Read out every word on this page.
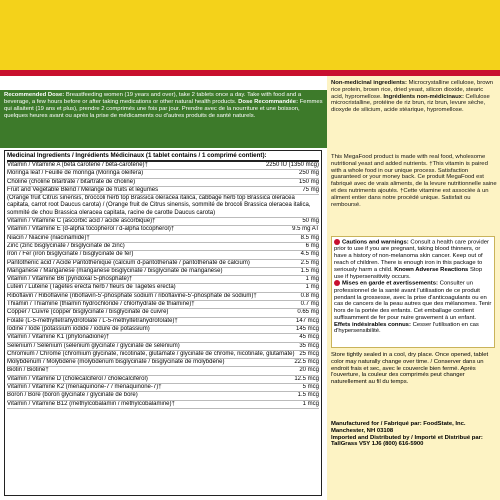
Recommended Dose: Breastfeeding women (19 years and over), take 2 tablets once a day. Take with food and a beverage, a few hours before or after taking medications or other natural health products. Dose Recommandée: Femmes qui allaitent (19 ans et plus), prendre 2 comprimés une fois par jour. Prendre avec de la nourriture et une boisson, quelques heures avant ou après la prise de médicaments ou d'autres produits de santé naturels.
Medicinal Ingredients / Ingrédients Médicinaux (1 tablet contains / 1 comprimé contient):
Vitamin / Vitamine A (beta carotene / bêta-carotène)†	2250 IU (1350 mcg)
Moringa leaf / Feuille de moringa (Moringa oleifera)	250 mg
Choline (choline bitartrate / bitartrate de choline)	150 mg
Fruit and Vegetable Blend / Mélange de fruits et légumes	75 mg
(Orange fruit Citrus sinensis, broccoli herb top Brassica oleracea italica, cabbage herb top Brassica oleracea capitata, carrot root Daucus carota) / (Orange fruit de Citrus sinensis, sommité de brocoli Brassica oleracea italica, sommité de chou Brassica oleracea capitata, racine de carotte Daucus carota)
Vitamin / Vitamine C (ascorbic acid / acide ascorbique)†	50 mg
Vitamin / Vitamine E (d-alpha tocopherol / d-alpha tocophérol)†	9.5 mg AT
Niacin / Niacine (niacinamide)†	8.5 mg
Zinc (zinc bisglycinate / bisglycinate de zinc)	6 mg
Iron / Fer (iron bisglycinate / bisglycinate de fer)	4.5 mg
Pantothenic acid / Acide Pantothénique (calcium d-pantothenate / pantothénate de calcium)	2.5 mg
Manganese / Manganèse (manganese bisglycinate / bisglycinate de manganèse)	1.5 mg
Vitamin / Vitamine B6 (pyridoxal 5-phosphate)†	1 mg
Lutein / Lutéine (Tagetes erecta herb / fleurs de Tagetes erecta)	1 mg
Riboflavin / Riboflavine (riboflavin-5'-phosphate sodium / riboflavine-5'-phosphate de sodium)†	0.8 mg
Thiamin / Thiamine (thiamin hydrochloride / chlorhydrate de thiamine)†	0.7 mg
Copper / Cuivre (copper bisglycinate / bisglycinate de cuivre)	0.65 mg
Folate (L-5-methyltetrahydrofolate / L-5-méthyltétrahydrofolate)†	147 mcg
Iodine / Iode (potassium iodide / iodure de potassium)	145 mcg
Vitamin / Vitamine K1 (phytonadione)†	45 mcg
Selenium / Sélénium (selenium glycinate / glycinate de sélénium)	35 mcg
Chromium / Chrome (chromium glycinate, nicotinate, glutamate / glycinate de chrome, nicotinate, glutamate) 25 mcg
Molybdenum / Molybdène (molybdenum bisglycinate / bisglycinate de molybdène)	22.5 mcg
Biotin / Biotine†	20 mcg
Vitamin / Vitamine D (cholecalciferol / cholécalciférol)	12.5 mcg
Vitamin / Vitamine K2 (menaquinone-7 / ménaquinone-7)†	5 mcg
Boron / Bore (boron glycinate / glycinate de bore)	1.5 mcg
Vitamin / Vitamine B12 (methylcobalamin / méthylcobalamine)†	1 mcg
Non-medicinal ingredients: Microcrystalline cellulose, brown rice protein, brown rice, dried yeast, silicon dioxide, stearic acid, hypromellose. Ingrédients non-médicinaux: Cellulose microcristalline, protéine de riz brun, riz brun, levure sèche, dioxyde de silicium, acide stéarique, hypromellose.
This MegaFood product is made with real food, wholesome nutritional yeast and added nutrients. †This vitamin is paired with a whole food in our unique process. Satisfaction guaranteed or your money back. Ce produit MegaFood est fabriqué avec de vrais aliments, de la levure nutritionnelle saine et des nutriments ajoutés. †Cette vitamine est associée à un aliment entier dans notre procédé unique. Satisfait ou remboursé.
Cautions and warnings: Consult a health care provider prior to use if you are pregnant, taking blood thinners, or have a history of non-melanoma skin cancer. Keep out of reach of children. There is enough iron in this package to seriously harm a child. Known Adverse Reactions Stop use if hypersensitivity occurs.
Mises en garde et avertissements: Consulter un professionnel de la santé avant l'utilisation de ce produit pendant la grossesse, avec la prise d'anticoagulants ou en cas de cancers de la peau autres que des mélanomes. Tenir hors de la portée des enfants. Cet emballage contient suffisamment de fer pour nuire gravement à un enfant. Effets indésirables connus: Cesser l'utilisation en cas d'hypersensibilité.
Store tightly sealed in a cool, dry place. Once opened, tablet color may naturally change over time. / Conserver dans un endroit frais et sec, avec le couvercle bien fermé. Après l'ouverture, la couleur des comprimés peut changer naturellement au fil du temps.
Manufactured for / Fabriqué par: FoodState, Inc.
Manchester, NH 03108
Imported and Distributed by / Importé et Distribué par: TallGrass V5Y 1J6 (800) 616-5900
